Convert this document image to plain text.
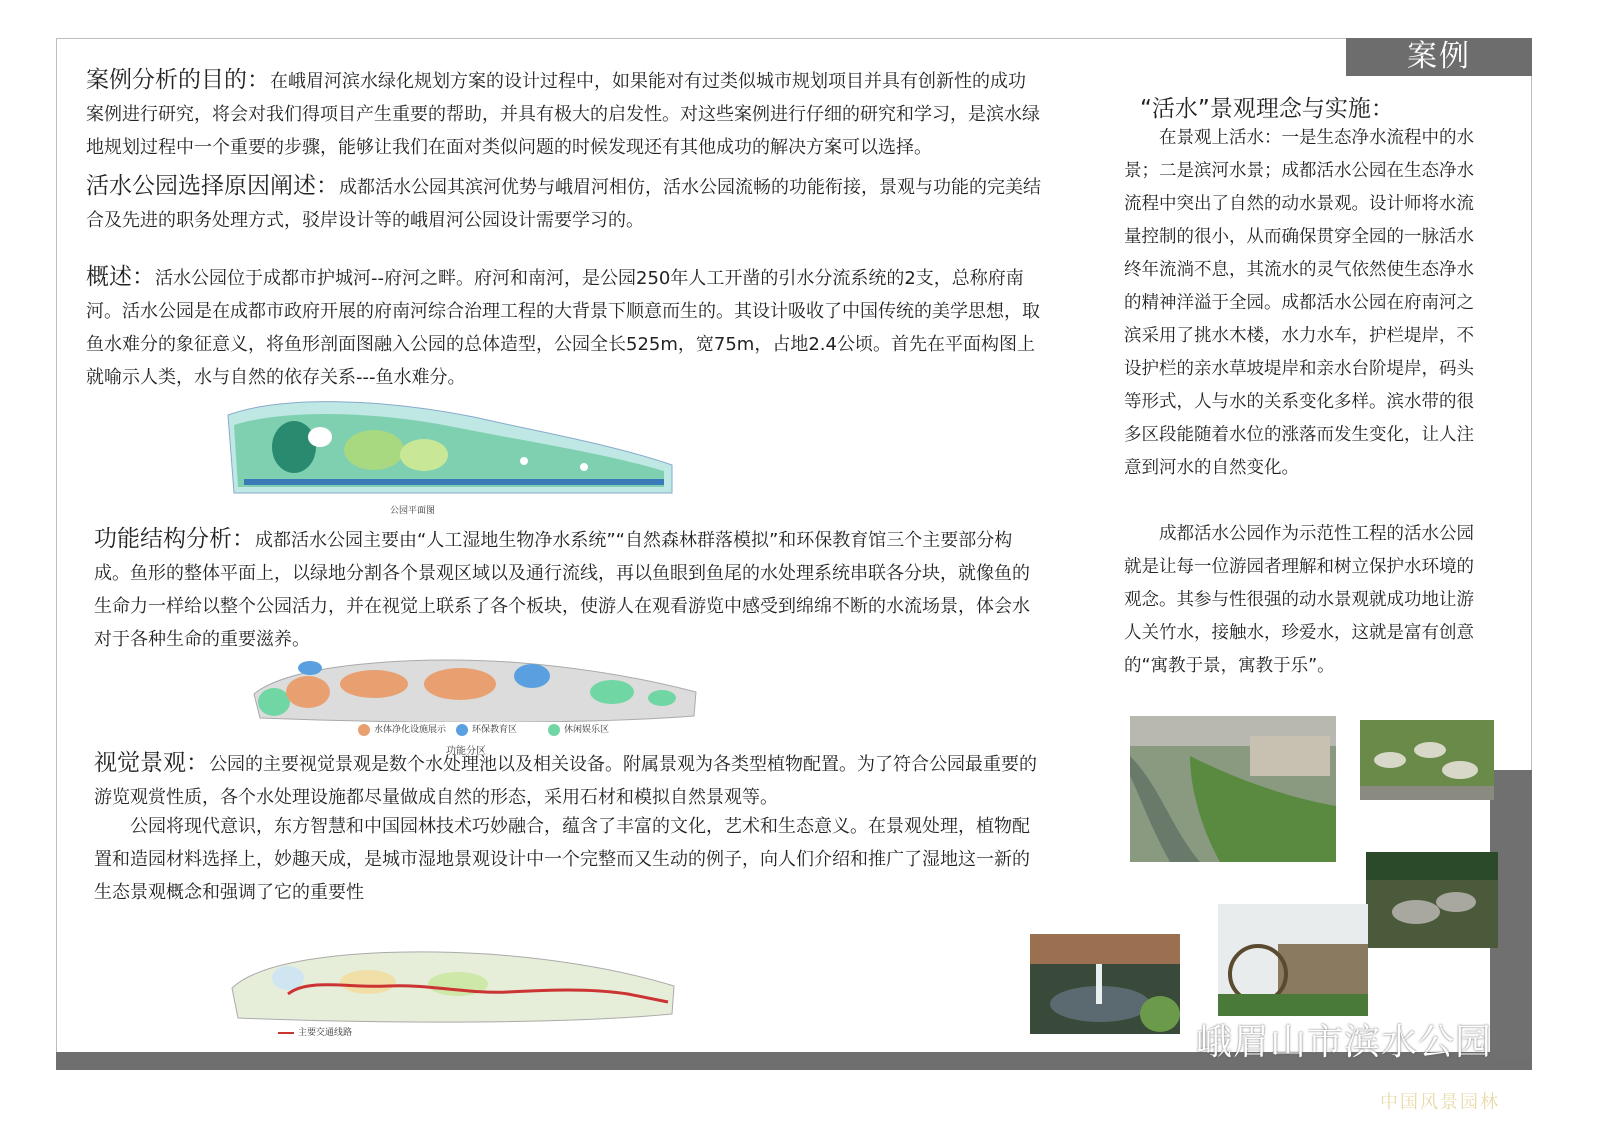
案例
案例分析的目的：在峨眉河滨水绿化规划方案的设计过程中，如果能对有过类似城市规划项目并具有创新性的成功案例进行研究，将会对我们得项目产生重要的帮助，并具有极大的启发性。对这些案例进行仔细的研究和学习，是滨水绿地规划过程中一个重要的步骤，能够让我们在面对类似问题的时候发现还有其他成功的解决方案可以选择。
活水公园选择原因阐述：成都活水公园其滨河优势与峨眉河相仿，活水公园流畅的功能衔接，景观与功能的完美结合及先进的职务处理方式，驳岸设计等的峨眉河公园设计需要学习的。
概述：活水公园位于成都市护城河--府河之畔。府河和南河，是公园250年人工开凿的引水分流系统的2支，总称府南河。活水公园是在成都市政府开展的府南河综合治理工程的大背景下顺意而生的。其设计吸收了中国传统的美学思想，取鱼水难分的象征意义，将鱼形剖面图融入公园的总体造型，公园全长525m，宽75m，占地2.4公顷。首先在平面构图上就喻示人类，水与自然的依存关系---鱼水难分。
公园平面图
功能结构分析：成都活水公园主要由“人工湿地生物净水系统”“自然森林群落模拟”和环保教育馆三个主要部分构成。鱼形的整体平面上，以绿地分割各个景观区域以及通行流线，再以鱼眼到鱼尾的水处理系统串联各分块，就像鱼的生命力一样给以整个公园活力，并在视觉上联系了各个板块，使游人在观看游览中感受到绵绵不断的水流场景，体会水对于各种生命的重要滋养。
水体净化设施展示	环保教育区	休闲娱乐区
功能分区
视觉景观：公园的主要视觉景观是数个水处理池以及相关设备。附属景观为各类型植物配置。为了符合公园最重要的游览观赏性质，各个水处理设施都尽量做成自然的形态，采用石材和模拟自然景观等。
公园将现代意识，东方智慧和中国园林技术巧妙融合，蕴含了丰富的文化，艺术和生态意义。在景观处理，植物配置和造园材料选择上，妙趣天成，是城市湿地景观设计中一个完整而又生动的例子，向人们介绍和推广了湿地这一新的生态景观概念和强调了它的重要性
主要交通线路
“活水”景观理念与实施：
在景观上活水：一是生态净水流程中的水景；二是滨河水景；成都活水公园在生态净水流程中突出了自然的动水景观。设计师将水流量控制的很小，从而确保贯穿全园的一脉活水终年流淌不息，其流水的灵气依然使生态净水的精神洋溢于全园。成都活水公园在府南河之滨采用了挑水木楼，水力水车，护栏堤岸，不设护栏的亲水草坡堤岸和亲水台阶堤岸，码头等形式，人与水的关系变化多样。滨水带的很多区段能随着水位的涨落而发生变化，让人注意到河水的自然变化。
成都活水公园作为示范性工程的活水公园就是让每一位游园者理解和树立保护水环境的观念。其参与性很强的动水景观就成功地让游人关竹水，接触水，珍爱水，这就是富有创意的“寓教于景，寓教于乐”。
峨眉山市滨水公园
中国风景园林
